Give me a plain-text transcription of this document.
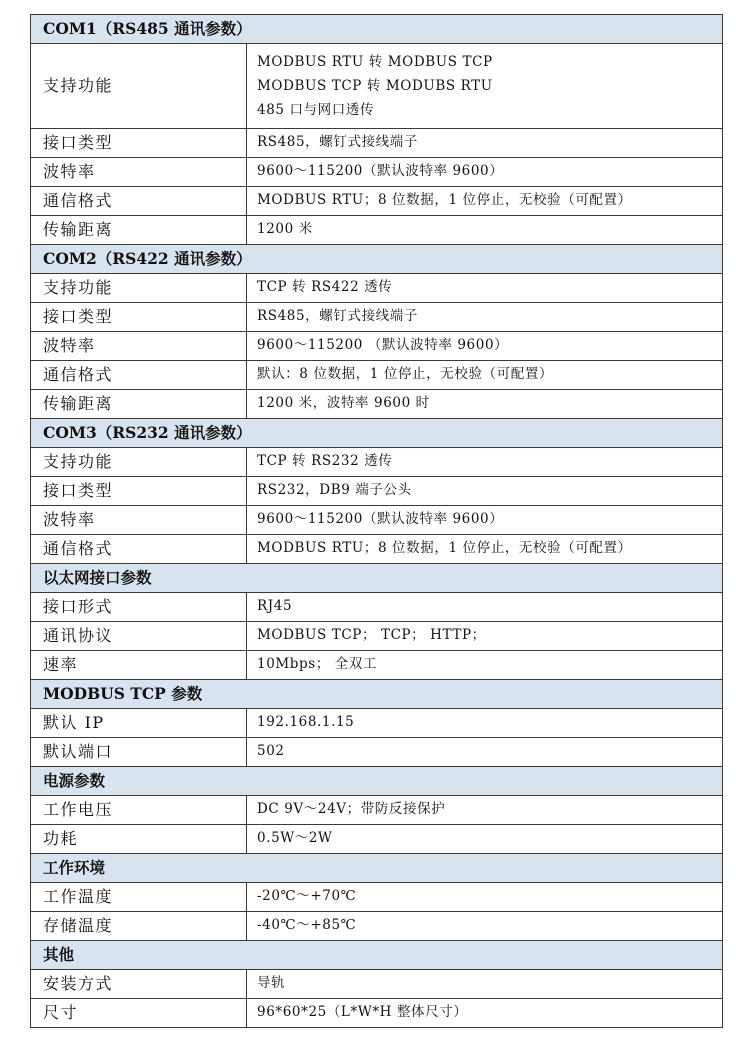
COM1（RS485 通讯参数）	
支持功能	MODBUS RTU 转 MODBUS TCP
MODBUS TCP 转 MODUBS RTU
485 口与网口透传

接口类型	RS485，螺钉式接线端子
波特率	9600～115200（默认波特率 9600）
通信格式	MODBUS RTU；8 位数据，1 位停止，无校验（可配置）
传输距离	1200 米
COM2（RS422 通讯参数）	
支持功能	TCP 转 RS422 透传
接口类型	RS485，螺钉式接线端子
波特率	9600～115200 （默认波特率 9600）
通信格式	默认：8 位数据，1 位停止，无校验（可配置）
传输距离	1200 米，波特率 9600 时
COM3（RS232 通讯参数）	
支持功能	TCP 转 RS232 透传
接口类型	RS232，DB9 端子公头
波特率	9600～115200（默认波特率 9600）
通信格式	MODBUS RTU；8 位数据，1 位停止，无校验（可配置）
以太网接口参数	
接口形式	RJ45
通讯协议	MODBUS TCP； TCP； HTTP；
速率	10Mbps； 全双工
MODBUS TCP 参数	
默认 IP	192.168.1.15
默认端口	502
电源参数	
工作电压	DC 9V～24V；带防反接保护
功耗	0.5W～2W
工作环境	
工作温度	-20℃～+70℃
存储温度	-40℃～+85℃
其他	
安装方式	导轨
尺寸	96*60*25（L*W*H 整体尺寸）
